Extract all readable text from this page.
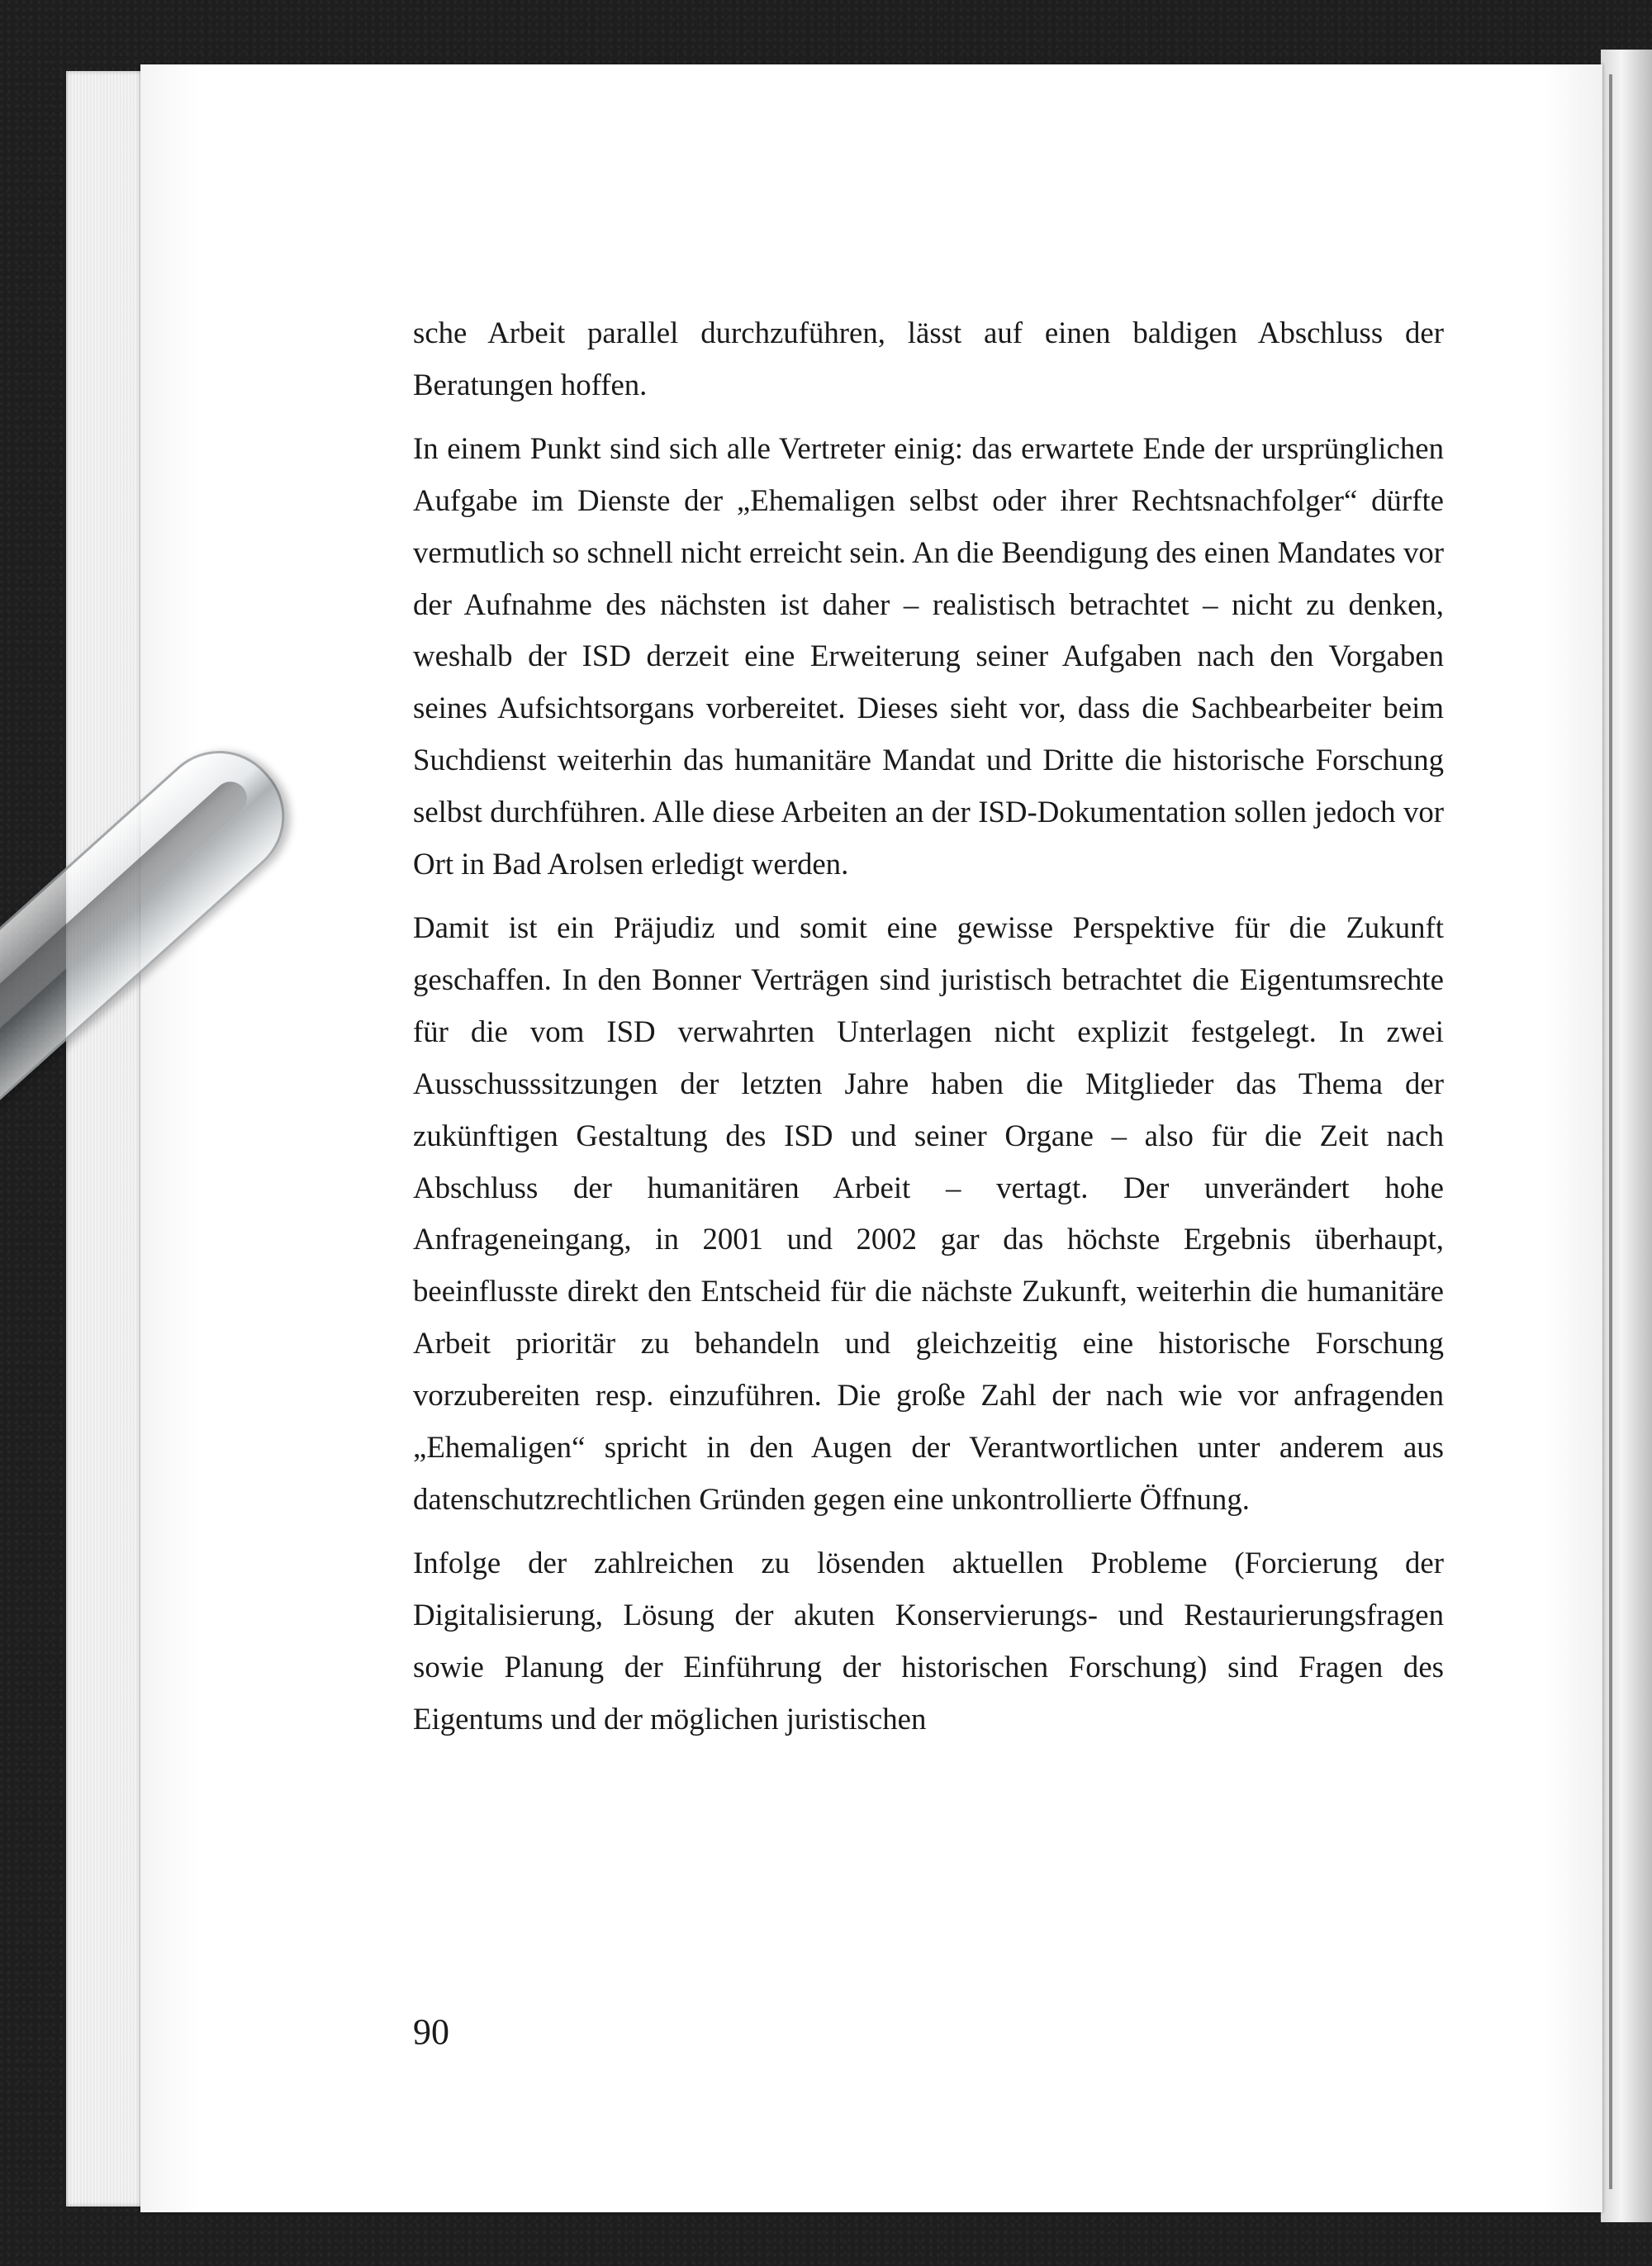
sche Arbeit parallel durchzuführen, lässt auf einen baldigen Abschluss der Beratungen hoffen.

In einem Punkt sind sich alle Vertreter einig: das erwartete Ende der ursprünglichen Aufgabe im Dienste der „Ehemaligen selbst oder ihrer Rechtsnachfolger“ dürfte vermutlich so schnell nicht erreicht sein. An die Beendigung des einen Mandates vor der Aufnahme des nächsten ist daher – realistisch betrachtet – nicht zu denken, weshalb der ISD derzeit eine Erweiterung seiner Aufgaben nach den Vorgaben seines Aufsichtsorgans vorbereitet. Dieses sieht vor, dass die Sachbearbeiter beim Suchdienst weiterhin das humanitäre Mandat und Dritte die historische Forschung selbst durchführen. Alle diese Arbeiten an der ISD-Dokumentation sollen jedoch vor Ort in Bad Arolsen erledigt werden.

Damit ist ein Präjudiz und somit eine gewisse Perspektive für die Zukunft geschaffen. In den Bonner Verträgen sind juristisch betrachtet die Eigentumsrechte für die vom ISD verwahrten Unterlagen nicht explizit festgelegt. In zwei Ausschusssitzungen der letzten Jahre haben die Mitglieder das Thema der zukünftigen Gestaltung des ISD und seiner Organe – also für die Zeit nach Abschluss der humanitären Arbeit – vertagt. Der unverändert hohe Anfrageneingang, in 2001 und 2002 gar das höchste Ergebnis überhaupt, beeinflusste direkt den Entscheid für die nächste Zukunft, weiterhin die humanitäre Arbeit prioritär zu behandeln und gleichzeitig eine historische Forschung vorzubereiten resp. einzuführen. Die große Zahl der nach wie vor anfragenden „Ehemaligen“ spricht in den Augen der Verantwortlichen unter anderem aus datenschutzrechtlichen Gründen gegen eine unkontrollierte Öffnung.

Infolge der zahlreichen zu lösenden aktuellen Probleme (Forcierung der Digitalisierung, Lösung der akuten Konservierungs- und Restaurierungsfragen sowie Planung der Einführung der historischen Forschung) sind Fragen des Eigentums und der möglichen juristischen

90
